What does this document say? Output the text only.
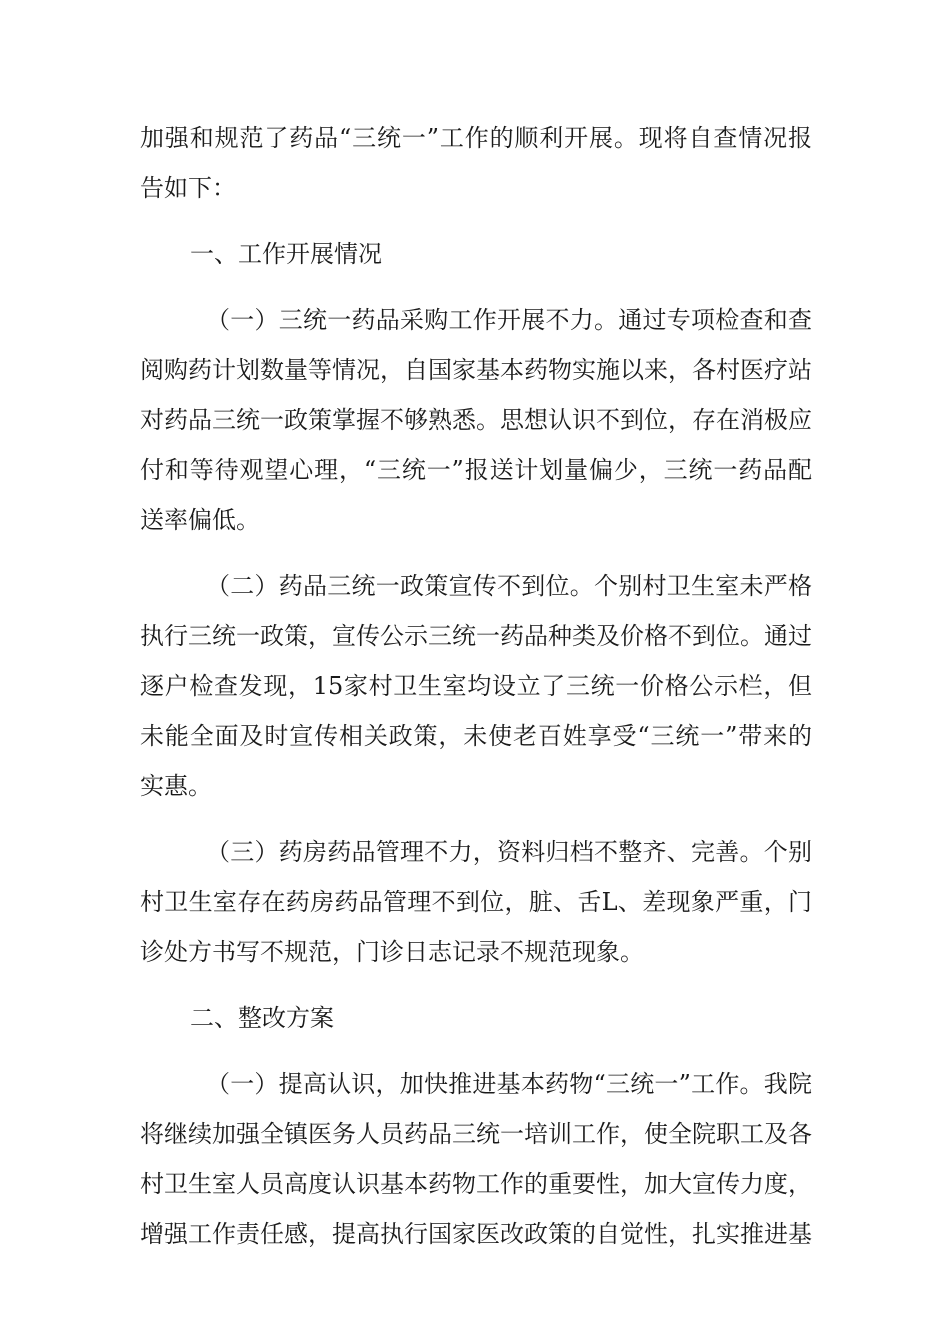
加强和规范了药品“三统一”工作的顺利开展。现将自查情况报告如下：

一、工作开展情况

（一）三统一药品采购工作开展不力。通过专项检查和查阅购药计划数量等情况，自国家基本药物实施以来，各村医疗站对药品三统一政策掌握不够熟悉。思想认识不到位，存在消极应付和等待观望心理，“三统一”报送计划量偏少，三统一药品配送率偏低。

（二）药品三统一政策宣传不到位。个别村卫生室未严格执行三统一政策，宣传公示三统一药品种类及价格不到位。通过逐户检查发现，15家村卫生室均设立了三统一价格公示栏，但未能全面及时宣传相关政策，未使老百姓享受“三统一”带来的实惠。

（三）药房药品管理不力，资料归档不整齐、完善。个别村卫生室存在药房药品管理不到位，脏、舌L、差现象严重，门诊处方书写不规范，门诊日志记录不规范现象。

二、整改方案

（一）提高认识，加快推进基本药物“三统一”工作。我院将继续加强全镇医务人员药品三统一培训工作，使全院职工及各村卫生室人员高度认识基本药物工作的重要性，加大宣传力度，增强工作责任感，提高执行国家医改政策的自觉性，扎实推进基
